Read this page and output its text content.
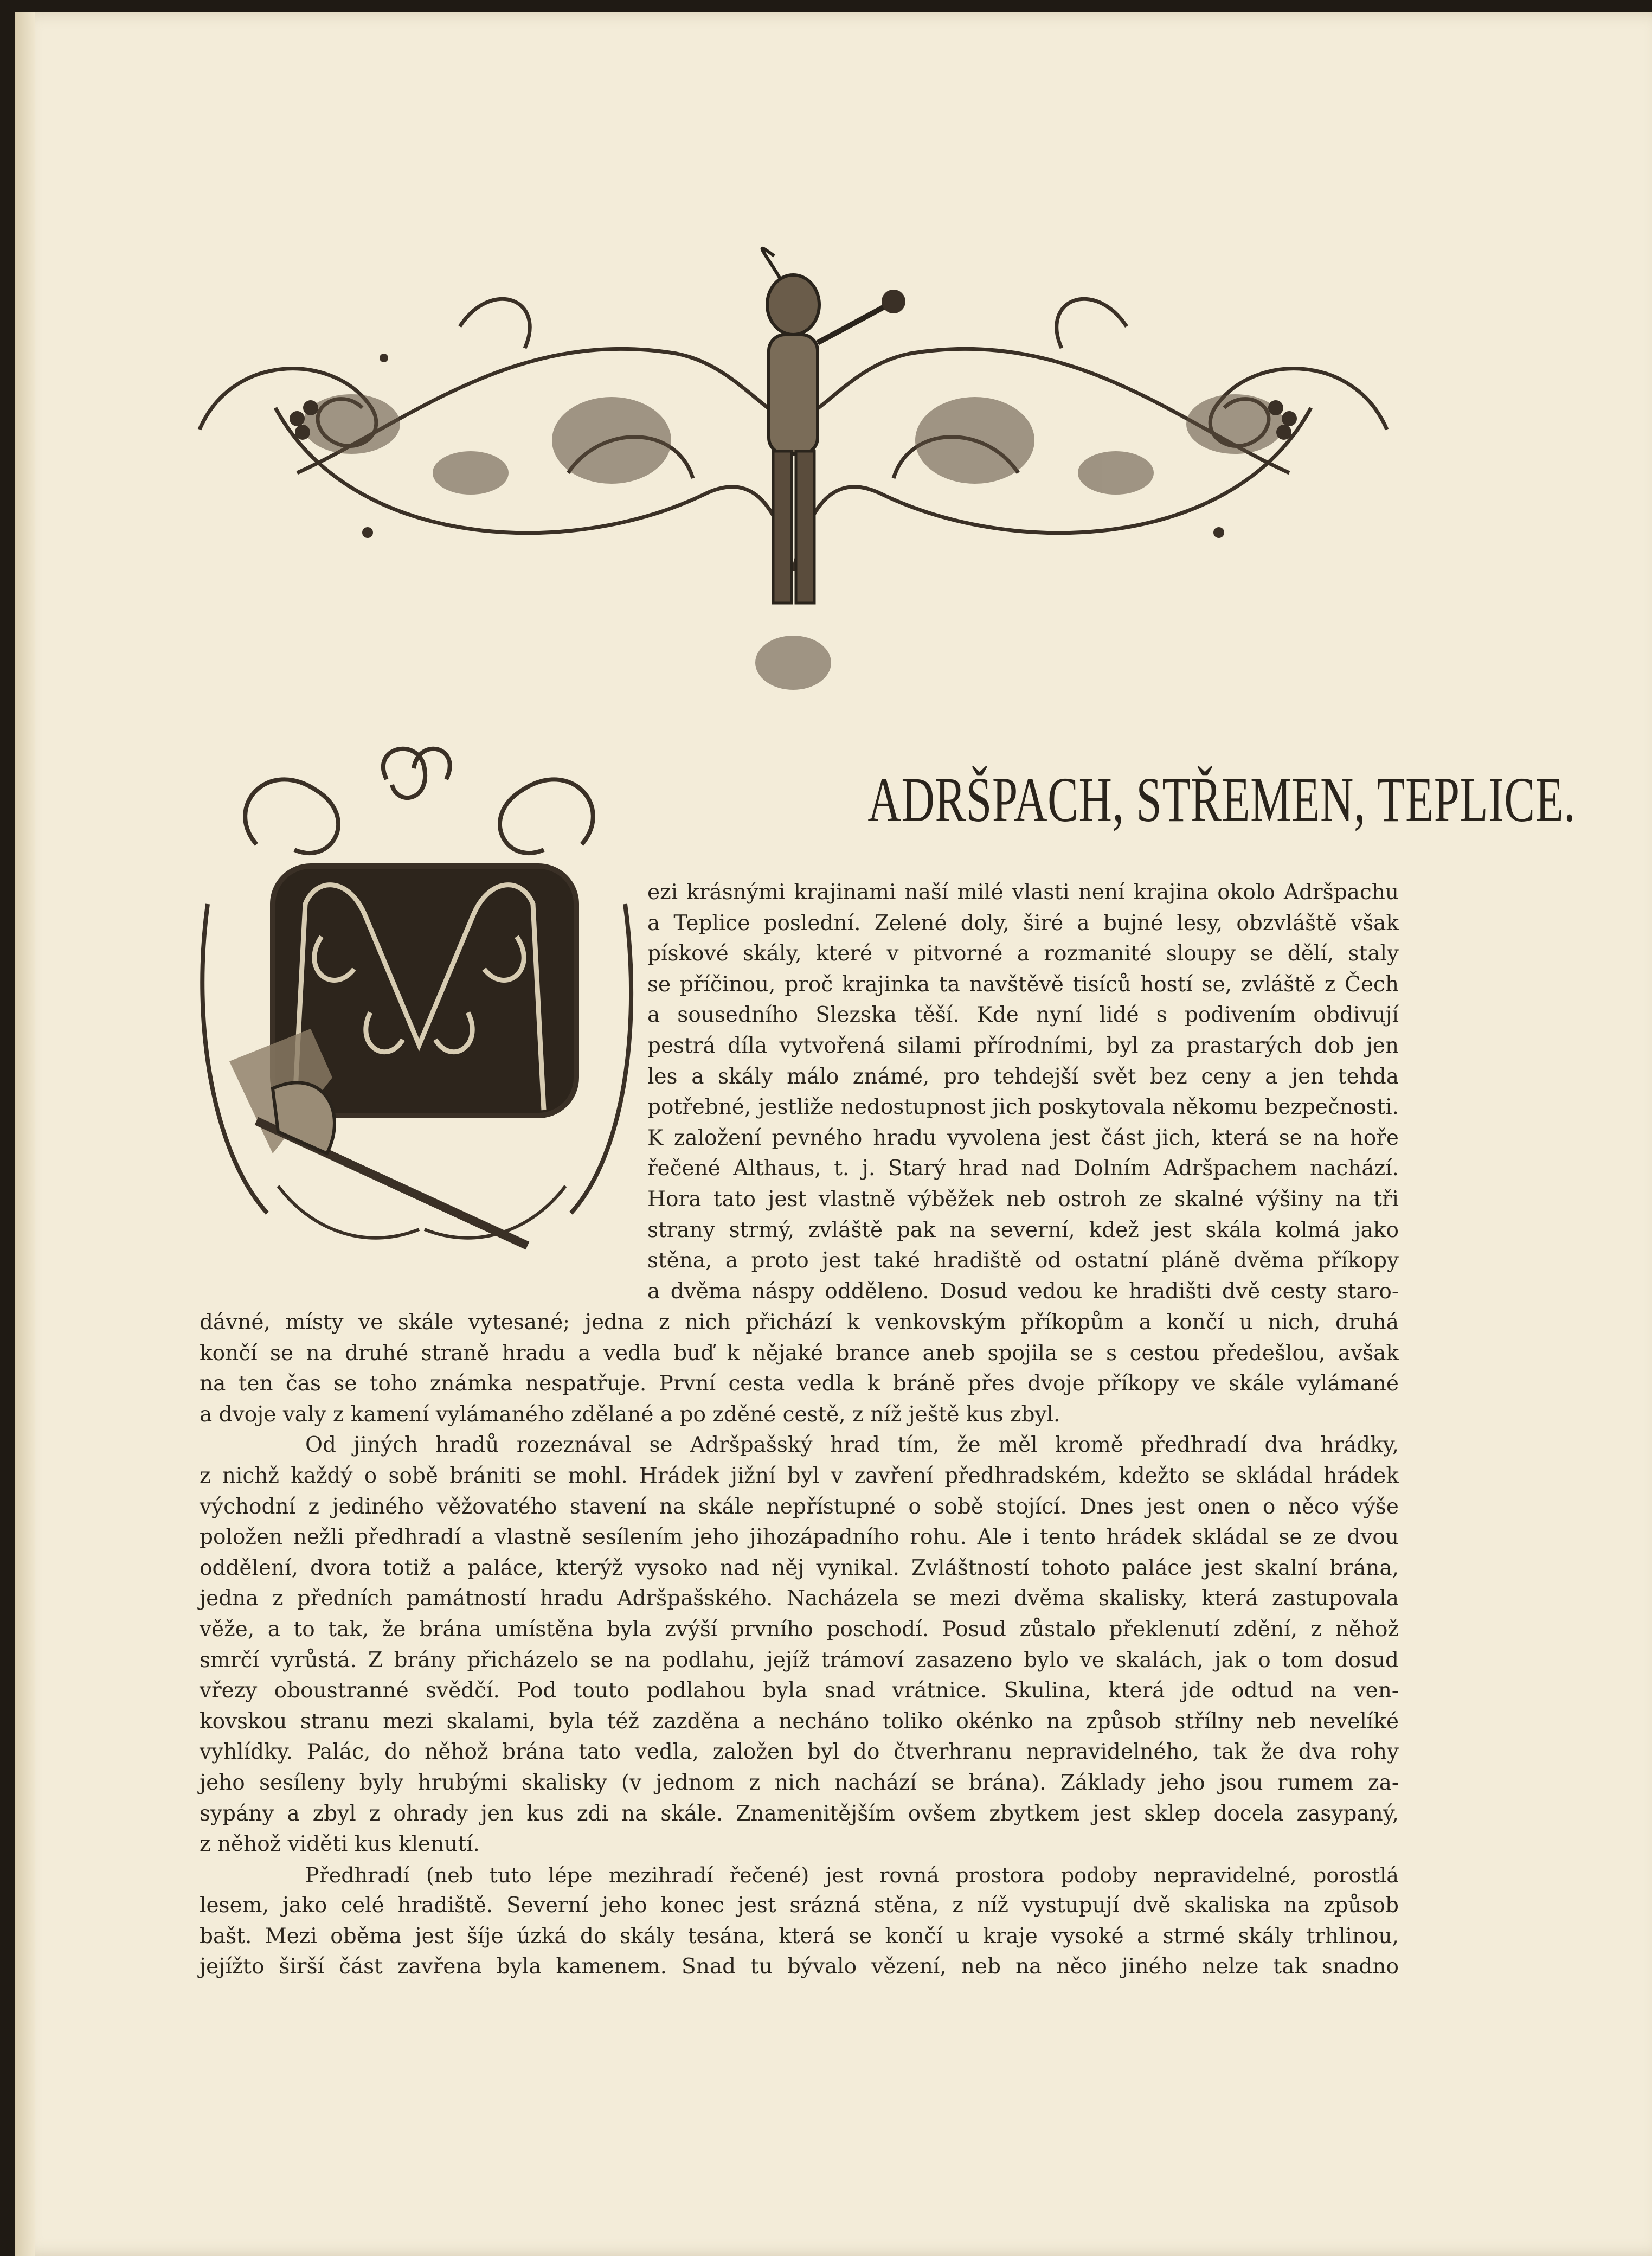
ADRŠPACH, STŘEMEN, TEPLICE.
ezi krásnými krajinami naší milé vlasti není krajina okolo Adršpachu
a Teplice poslední. Zelené doly, širé a bujné lesy, obzvláště však
pískové skály, které v pitvorné a rozmanité sloupy se dělí, staly
se příčinou, proč krajinka ta navštěvě tisíců hostí se, zvláště z Čech
a sousedního Slezska těší. Kde nyní lidé s podivením obdivují
pestrá díla vytvořená silami přírodními, byl za prastarých dob jen
les a skály málo známé, pro tehdejší svět bez ceny a jen tehda
potřebné, jestliže nedostupnost jich poskytovala někomu bezpečnosti.
K založení pevného hradu vyvolena jest část jich, která se na hoře
řečené Althaus, t. j. Starý hrad nad Dolním Adršpachem nachází.
Hora tato jest vlastně výběžek neb ostroh ze skalné výšiny na tři
strany strmý, zvláště pak na severní, kdež jest skála kolmá jako
stěna, a proto jest také hradiště od ostatní pláně dvěma příkopy
a dvěma náspy odděleno. Dosud vedou ke hradišti dvě cesty staro-
dávné, místy ve skále vytesané; jedna z nich přichází k venkovským příkopům a končí u nich, druhá
končí se na druhé straně hradu a vedla buď k nějaké brance aneb spojila se s cestou předešlou, avšak
na ten čas se toho známka nespatřuje. První cesta vedla k bráně přes dvoje příkopy ve skále vylámané
a dvoje valy z kamení vylámaného zdělané a po zděné cestě, z níž ještě kus zbyl.
Od jiných hradů rozeznával se Adršpašský hrad tím, že měl kromě předhradí dva hrádky,
z nichž každý o sobě brániti se mohl. Hrádek jižní byl v zavření předhradském, kdežto se skládal hrádek
východní z jediného věžovatého stavení na skále nepřístupné o sobě stojící. Dnes jest onen o něco výše
položen nežli předhradí a vlastně sesílením jeho jihozápadního rohu. Ale i tento hrádek skládal se ze dvou
oddělení, dvora totiž a paláce, kterýž vysoko nad něj vynikal. Zvláštností tohoto paláce jest skalní brána,
jedna z předních památností hradu Adršpašského. Nacházela se mezi dvěma skalisky, která zastupovala
věže, a to tak, že brána umístěna byla zvýší prvního poschodí. Posud zůstalo překlenutí zdění, z něhož
smrčí vyrůstá. Z brány přicházelo se na podlahu, jejíž trámoví zasazeno bylo ve skalách, jak o tom dosud
vřezy oboustranné svědčí. Pod touto podlahou byla snad vrátnice. Skulina, která jde odtud na ven-
kovskou stranu mezi skalami, byla též zazděna a necháno toliko okénko na způsob střílny neb nevelíké
vyhlídky. Palác, do něhož brána tato vedla, založen byl do čtverhranu nepravidelného, tak že dva rohy
jeho sesíleny byly hrubými skalisky (v jednom z nich nachází se brána). Základy jeho jsou rumem za-
sypány a zbyl z ohrady jen kus zdi na skále. Znamenitějším ovšem zbytkem jest sklep docela zasypaný,
z něhož viděti kus klenutí.
Předhradí (neb tuto lépe mezihradí řečené) jest rovná prostora podoby nepravidelné, porostlá
lesem, jako celé hradiště. Severní jeho konec jest srázná stěna, z níž vystupují dvě skaliska na způsob
bašt. Mezi oběma jest šíje úzká do skály tesána, která se končí u kraje vysoké a strmé skály trhlinou,
jejížto širší část zavřena byla kamenem. Snad tu bývalo vězení, neb na něco jiného nelze tak snadno
